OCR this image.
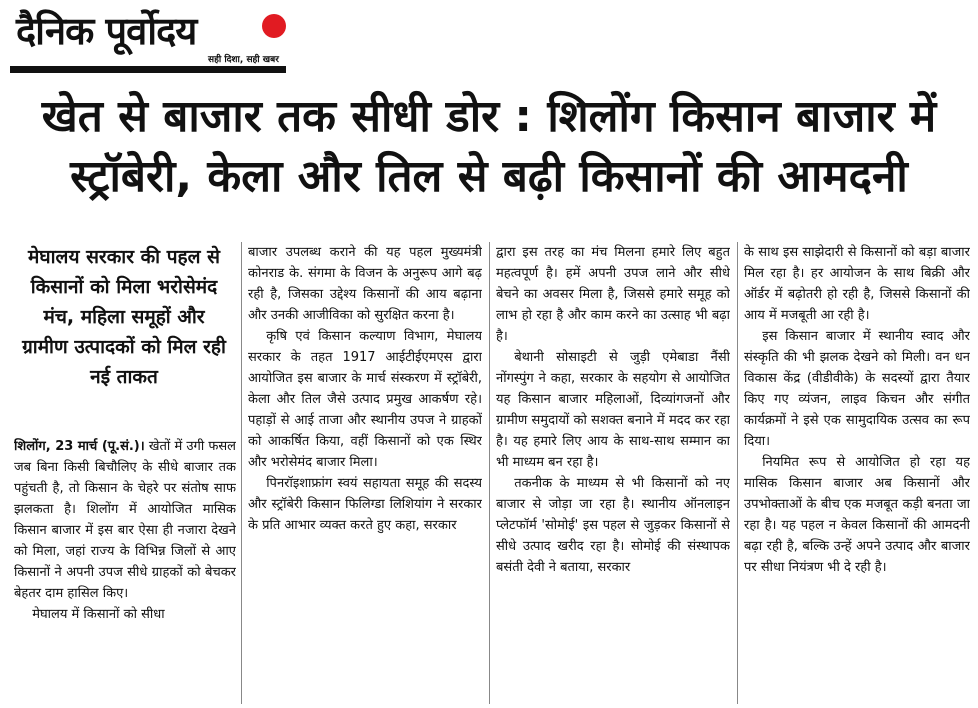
दैनिक पूर्वोदय
सही दिशा, सही खबर
खेत से बाजार तक सीधी डोर : शिलोंग किसान बाजार में
स्ट्रॉबेरी, केला और तिल से बढ़ी किसानों की आमदनी
मेघालय सरकार की पहल से किसानों को मिला भरोसेमंद मंच, महिला समूहों और ग्रामीण उत्पादकों को मिल रही नई ताकत

शिलोंग, 23 मार्च (पू.सं.)। खेतों में उगी फसल जब बिना किसी बिचौलिए के सीधे बाजार तक पहुंचती है, तो किसान के चेहरे पर संतोष साफ झलकता है। शिलोंग में आयोजित मासिक किसान बाजार में इस बार ऐसा ही नजारा देखने को मिला, जहां राज्य के विभिन्न जिलों से आए किसानों ने अपनी उपज सीधे ग्राहकों को बेचकर बेहतर दाम हासिल किए।

मेघालय में किसानों को सीधा

बाजार उपलब्ध कराने की यह पहल मुख्यमंत्री कोनराड के. संगमा के विजन के अनुरूप आगे बढ़ रही है, जिसका उद्देश्य किसानों की आय बढ़ाना और उनकी आजीविका को सुरक्षित करना है।

कृषि एवं किसान कल्याण विभाग, मेघालय सरकार के तहत 1917 आईटीईएमएस द्वारा आयोजित इस बाजार के मार्च संस्करण में स्ट्रॉबेरी, केला और तिल जैसे उत्पाद प्रमुख आकर्षण रहे। पहाड़ों से आई ताजा और स्थानीय उपज ने ग्राहकों को आकर्षित किया, वहीं किसानों को एक स्थिर और भरोसेमंद बाजार मिला।

पिनरॉइशाफ्रांग स्वयं सहायता समूह की सदस्य और स्ट्रॉबेरी किसान फिलिग्डा लिशियांग ने सरकार के प्रति आभार व्यक्त करते हुए कहा, सरकार

द्वारा इस तरह का मंच मिलना हमारे लिए बहुत महत्वपूर्ण है। हमें अपनी उपज लाने और सीधे बेचने का अवसर मिला है, जिससे हमारे समूह को लाभ हो रहा है और काम करने का उत्साह भी बढ़ा है।

बेथानी सोसाइटी से जुड़ी एमेबाडा नैंसी नोंगस्पुंग ने कहा, सरकार के सहयोग से आयोजित यह किसान बाजार महिलाओं, दिव्यांगजनों और ग्रामीण समुदायों को सशक्त बनाने में मदद कर रहा है। यह हमारे लिए आय के साथ-साथ सम्मान का भी माध्यम बन रहा है।

तकनीक के माध्यम से भी किसानों को नए बाजार से जोड़ा जा रहा है। स्थानीय ऑनलाइन प्लेटफॉर्म 'सोमोई' इस पहल से जुड़कर किसानों से सीधे उत्पाद खरीद रहा है। सोमोई की संस्थापक बसंती देवी ने बताया, सरकार

के साथ इस साझेदारी से किसानों को बड़ा बाजार मिल रहा है। हर आयोजन के साथ बिक्री और ऑर्डर में बढ़ोतरी हो रही है, जिससे किसानों की आय में मजबूती आ रही है।

इस किसान बाजार में स्थानीय स्वाद और संस्कृति की भी झलक देखने को मिली। वन धन विकास केंद्र (वीडीवीके) के सदस्यों द्वारा तैयार किए गए व्यंजन, लाइव किचन और संगीत कार्यक्रमों ने इसे एक सामुदायिक उत्सव का रूप दिया।

नियमित रूप से आयोजित हो रहा यह मासिक किसान बाजार अब किसानों और उपभोक्ताओं के बीच एक मजबूत कड़ी बनता जा रहा है। यह पहल न केवल किसानों की आमदनी बढ़ा रही है, बल्कि उन्हें अपने उत्पाद और बाजार पर सीधा नियंत्रण भी दे रही है।
